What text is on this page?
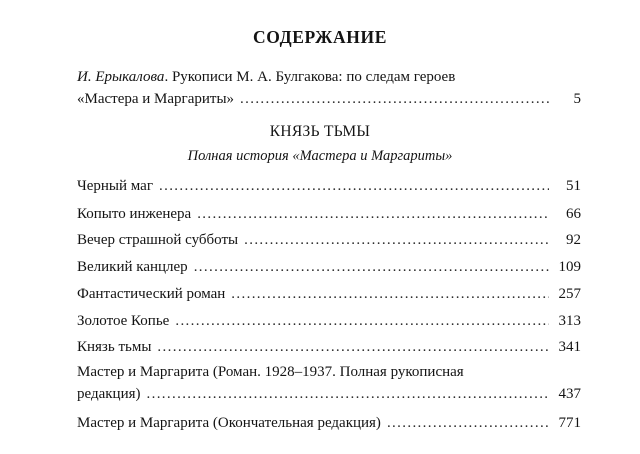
СОДЕРЖАНИЕ
И. Ерыкалова. Рукописи М. А. Булгакова: по следам героев
«Мастера и Маргариты» . . .	5
КНЯЗЬ ТЬМЫ
Полная история «Мастера и Маргариты»
Черный маг . . .	51
Копыто инженера . . .	66
Вечер страшной субботы . . .	92
Великий канцлер . . .	109
Фантастический роман . . .	257
Золотое Копье . . .	313
Князь тьмы . . .	341
Мастер и Маргарита (Роман. 1928–1937. Полная рукописная
редакция) . . .	437
Мастер и Маргарита (Окончательная редакция) . . .	771
